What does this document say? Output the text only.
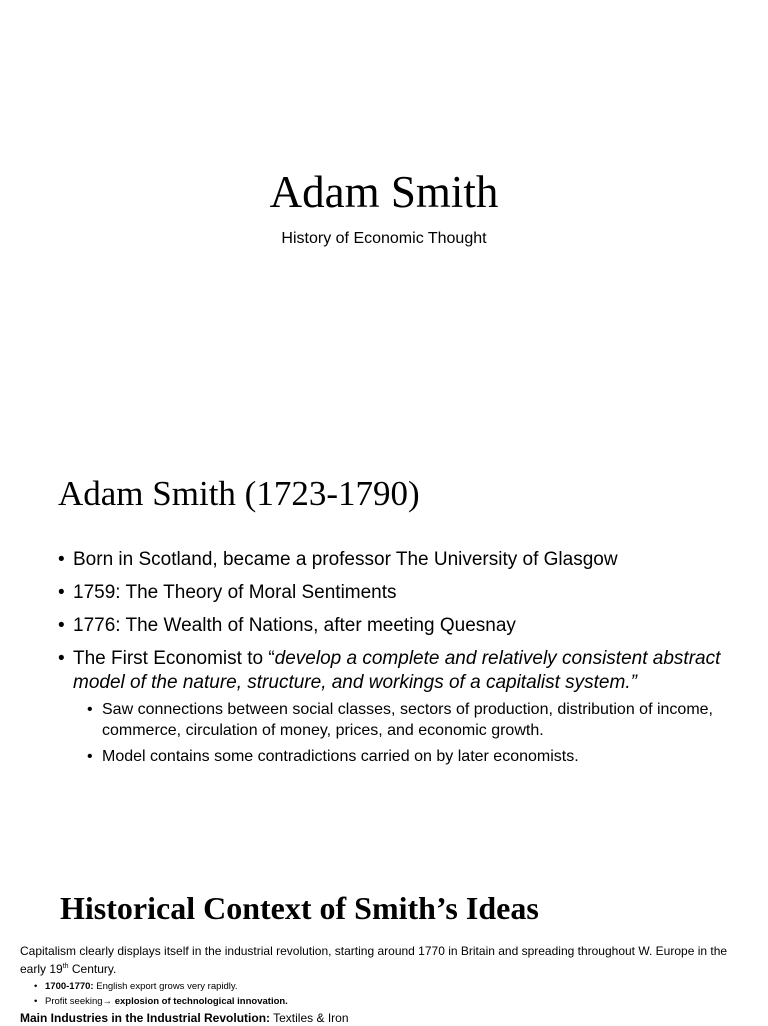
Adam Smith
History of Economic Thought
Adam Smith (1723-1790)
• Born in Scotland, became a professor The University of Glasgow
• 1759: The Theory of Moral Sentiments
• 1776: The Wealth of Nations, after meeting Quesnay
• The First Economist to “develop a complete and relatively consistent abstract model of the nature, structure, and workings of a capitalist system.”
• Saw connections between social classes, sectors of production, distribution of income, commerce, circulation of money, prices, and economic growth.
• Model contains some contradictions carried on by later economists.
Historical Context of Smith’s Ideas

Capitalism clearly displays itself in the industrial revolution, starting around 1770 in Britain and spreading throughout W. Europe in the early 19th Century.

• 1700-1770: English export grows very rapidly.
• Profit seeking→ explosion of technological innovation.

Main Industries in the Industrial Revolution: Textiles & Iron
